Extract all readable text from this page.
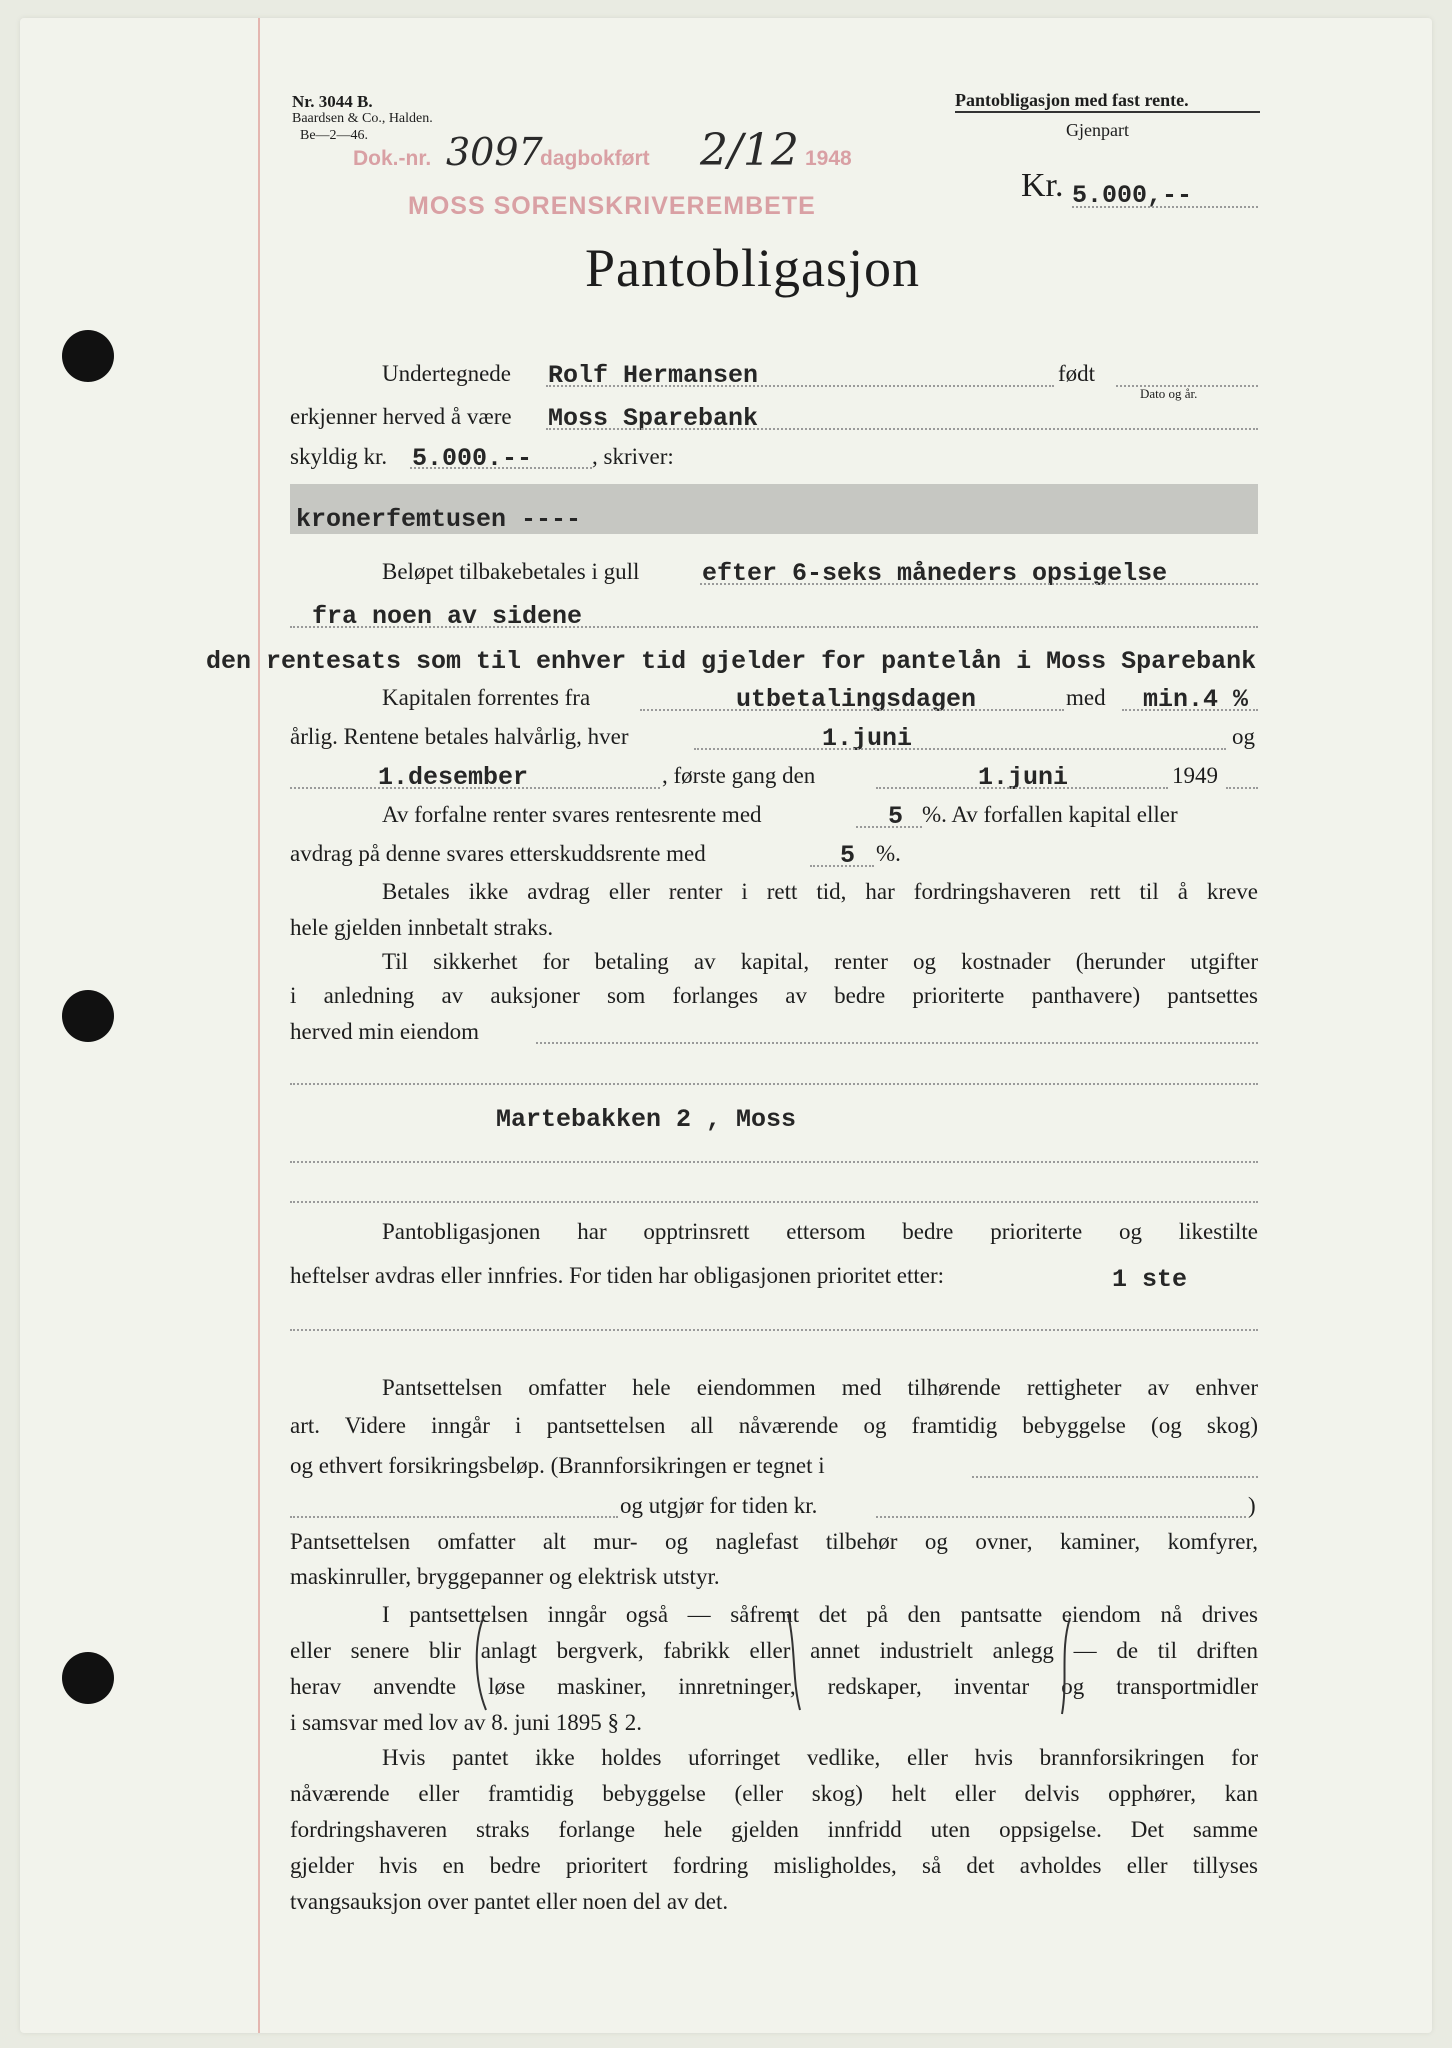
Nr. 3044 B.
Baardsen & Co., Halden.
Be—2—46.
Pantobligasjon med fast rente.
Gjenpart
Dok.-nr. 3097
dagbokført 2/12 1948
MOSS SORENSKRIVEREMBETE
Kr. 5.000,--
Pantobligasjon
Undertegnede Rolf Hermansen	født
Dato og år.
erkjenner herved å være Moss Sparebank
skyldig kr. 5.000.--	, skriver:
kronerfemtusen ----
Beløpet tilbakebetales i gull	efter 6-seks måneders opsigelse
fra noen av sidene
den rentesats som til enhver tid gjelder for pantelån i Moss Sparebank
Kapitalen forrentes fra	utbetalingsdagen	med min.4 %
årlig. Rentene betales halvårlig, hver	1.juni	og
1.desember	, første gang den	1.juni	1949
Av forfalne renter svares rentesrente med	5 %. Av forfallen kapital eller
avdrag på denne svares etterskuddsrente med	5 %.
Betales ikke avdrag eller renter i rett tid, har fordringshaveren rett til å kreve
hele gjelden innbetalt straks.
Til sikkerhet for betaling av kapital, renter og kostnader (herunder utgifter
i anledning av auksjoner som forlanges av bedre prioriterte panthavere) pantsettes
herved min eiendom
Martebakken 2 , Moss
Pantobligasjonen har opptrinsrett ettersom bedre prioriterte og likestilte
heftelser avdras eller innfries. For tiden har obligasjonen prioritet etter:	1 ste
Pantsettelsen omfatter hele eiendommen med tilhørende rettigheter av enhver
art. Videre inngår i pantsettelsen all nåværende og framtidig bebyggelse (og skog)
og ethvert forsikringsbeløp. (Brannforsikringen er tegnet i
og utgjør for tiden kr.	)
Pantsettelsen omfatter alt mur- og naglefast tilbehør og ovner, kaminer, komfyrer,
maskinruller, bryggepanner og elektrisk utstyr.
I pantsettelsen inngår også — såfremt det på den pantsatte eiendom nå drives
eller senere blir anlagt bergverk, fabrikk eller annet industrielt anlegg — de til driften
herav anvendte løse maskiner, innretninger, redskaper, inventar og transportmidler
i samsvar med lov av 8. juni 1895 § 2.
Hvis pantet ikke holdes uforringet vedlike, eller hvis brannforsikringen for
nåværende eller framtidig bebyggelse (eller skog) helt eller delvis opphører, kan
fordringshaveren straks forlange hele gjelden innfridd uten oppsigelse. Det samme
gjelder hvis en bedre prioritert fordring misligholdes, så det avholdes eller tillyses
tvangsauksjon over pantet eller noen del av det.
